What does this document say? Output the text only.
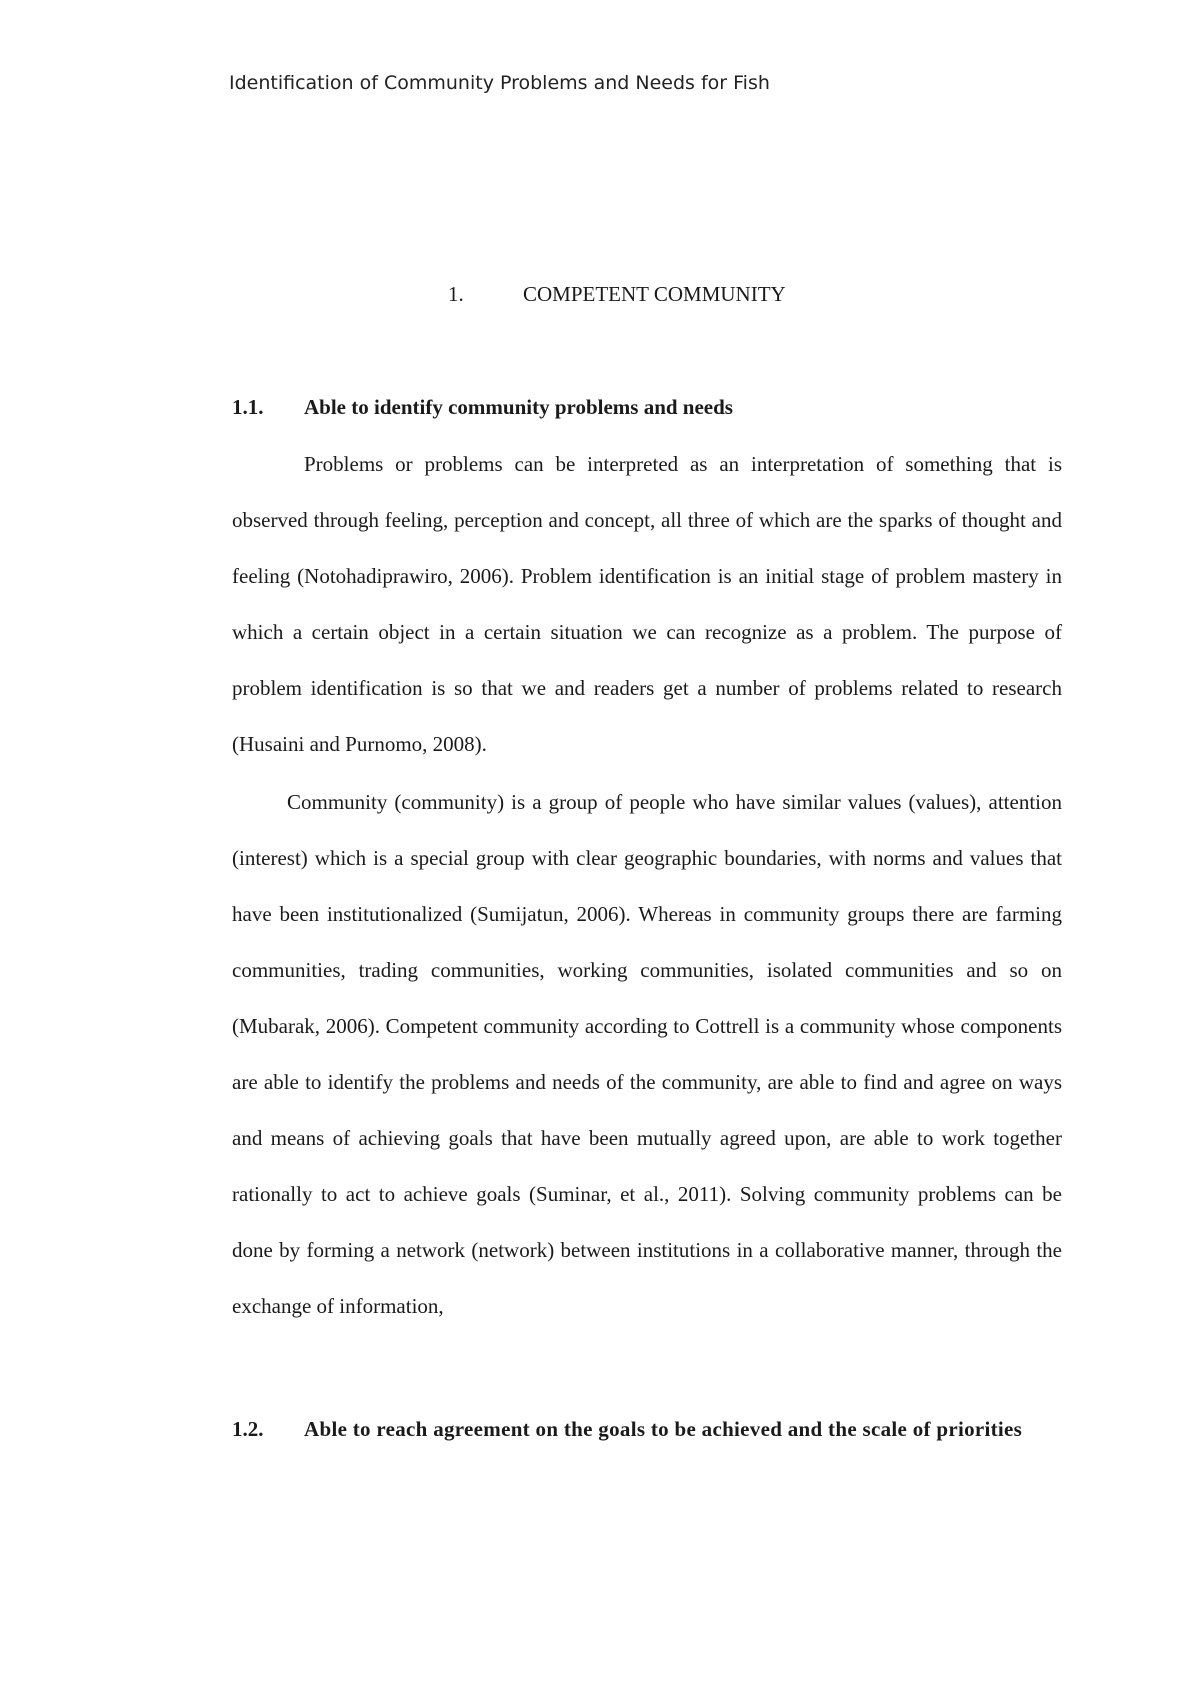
Identification of Community Problems and Needs for Fish
1.	COMPETENT COMMUNITY
1.1. Able to identify community problems and needs

Problems or problems can be interpreted as an interpretation of something that is observed through feeling, perception and concept, all three of which are the sparks of thought and feeling (Notohadiprawiro, 2006). Problem identification is an initial stage of problem mastery in which a certain object in a certain situation we can recognize as a problem. The purpose of problem identification is so that we and readers get a number of problems related to research (Husaini and Purnomo, 2008).

Community (community) is a group of people who have similar values (values), attention (interest) which is a special group with clear geographic boundaries, with norms and values that have been institutionalized (Sumijatun, 2006). Whereas in community groups there are farming communities, trading communities, working communities, isolated communities and so on (Mubarak, 2006). Competent community according to Cottrell is a community whose components are able to identify the problems and needs of the community, are able to find and agree on ways and means of achieving goals that have been mutually agreed upon, are able to work together rationally to act to achieve goals (Suminar, et al., 2011). Solving community problems can be done by forming a network (network) between institutions in a collaborative manner, through the exchange of information,

1.2.	Able to reach agreement on the goals to be achieved and the scale of priorities
